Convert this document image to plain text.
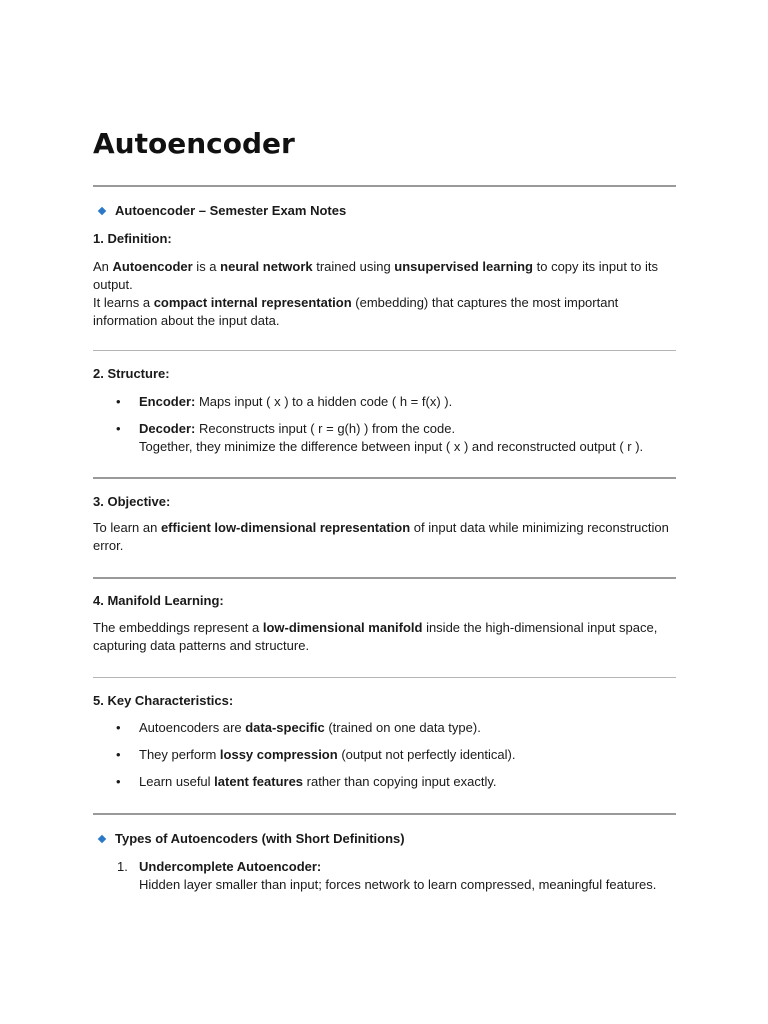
Autoencoder
Autoencoder – Semester Exam Notes
1. Definition:

An Autoencoder is a neural network trained using unsupervised learning to copy its input to its output.

It learns a compact internal representation (embedding) that captures the most important information about the input data.

2. Structure:
• Encoder: Maps input ( x ) to a hidden code ( h = f(x) ).
• Decoder: Reconstructs input ( r = g(h) ) from the code.
Together, they minimize the difference between input ( x ) and reconstructed output ( r ).
3. Objective:

To learn an efficient low-dimensional representation of input data while minimizing reconstruction error.

4. Manifold Learning:

The embeddings represent a low-dimensional manifold inside the high-dimensional input space, capturing data patterns and structure.

5. Key Characteristics:
• Autoencoders are data-specific (trained on one data type).
• They perform lossy compression (output not perfectly identical).
• Learn useful latent features rather than copying input exactly.
Types of Autoencoders (with Short Definitions)
1. Undercomplete Autoencoder:
Hidden layer smaller than input; forces network to learn compressed, meaningful features.
